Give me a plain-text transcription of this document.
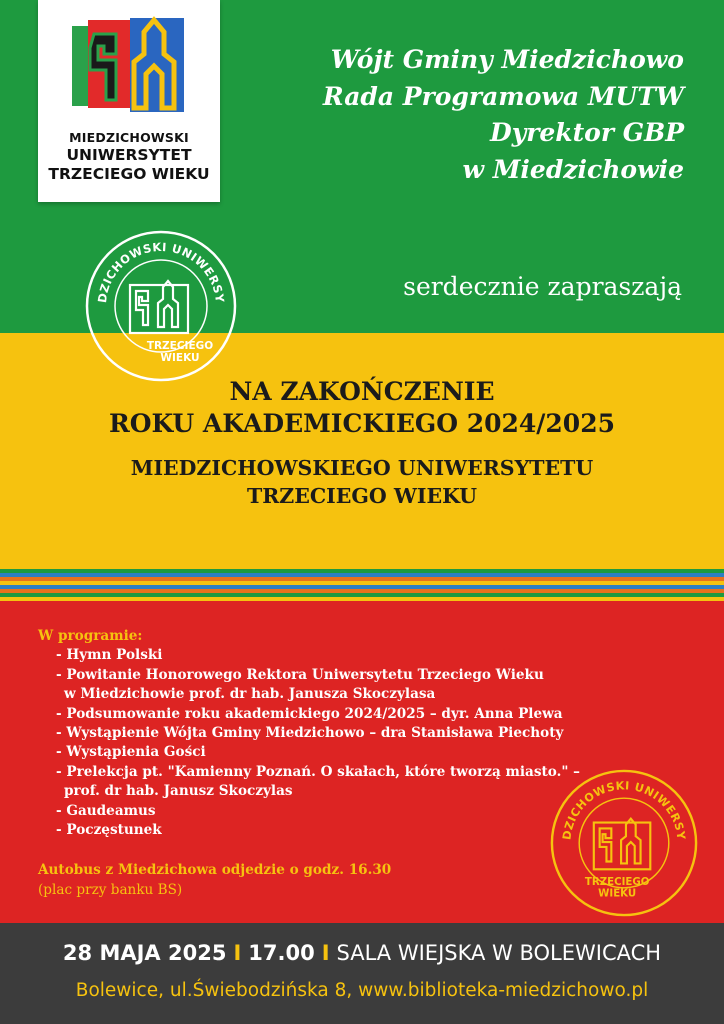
MIEDZICHOWSKI
UNIWERSYTET
TRZECIEGO WIEKU
Wójt Gminy Miedzichowo
Rada Programowa MUTW
Dyrektor GBP
w Miedzichowie
serdecznie zapraszają
DZICHOWSKI UNIWERSY
TRZECIEGO
WIEKU
NA ZAKOŃCZENIE
ROKU AKADEMICKIEGO 2024/2025
MIEDZICHOWSKIEGO UNIWERSYTETU
TRZECIEGO WIEKU
W programie:
- Hymn Polski
- Powitanie Honorowego Rektora Uniwersytetu Trzeciego Wieku
w Miedzichowie prof. dr hab. Janusza Skoczylasa
- Podsumowanie roku akademickiego 2024/2025 – dyr. Anna Plewa
- Wystąpienie Wójta Gminy Miedzichowo – dra Stanisława Piechoty
- Wystąpienia Gości
- Prelekcja pt. "Kamienny Poznań. O skałach, które tworzą miasto." –
prof. dr hab. Janusz Skoczylas
- Gaudeamus
- Poczęstunek
Autobus z Miedzichowa odjedzie o godz. 16.30
(plac przy banku BS)
DZICHOWSKI UNIWERSY
TRZECIEGO
WIEKU
28 MAJA 2025 I 17.00 I SALA WIEJSKA W BOLEWICACH
Bolewice, ul.Świebodzińska 8, www.biblioteka-miedzichowo.pl
